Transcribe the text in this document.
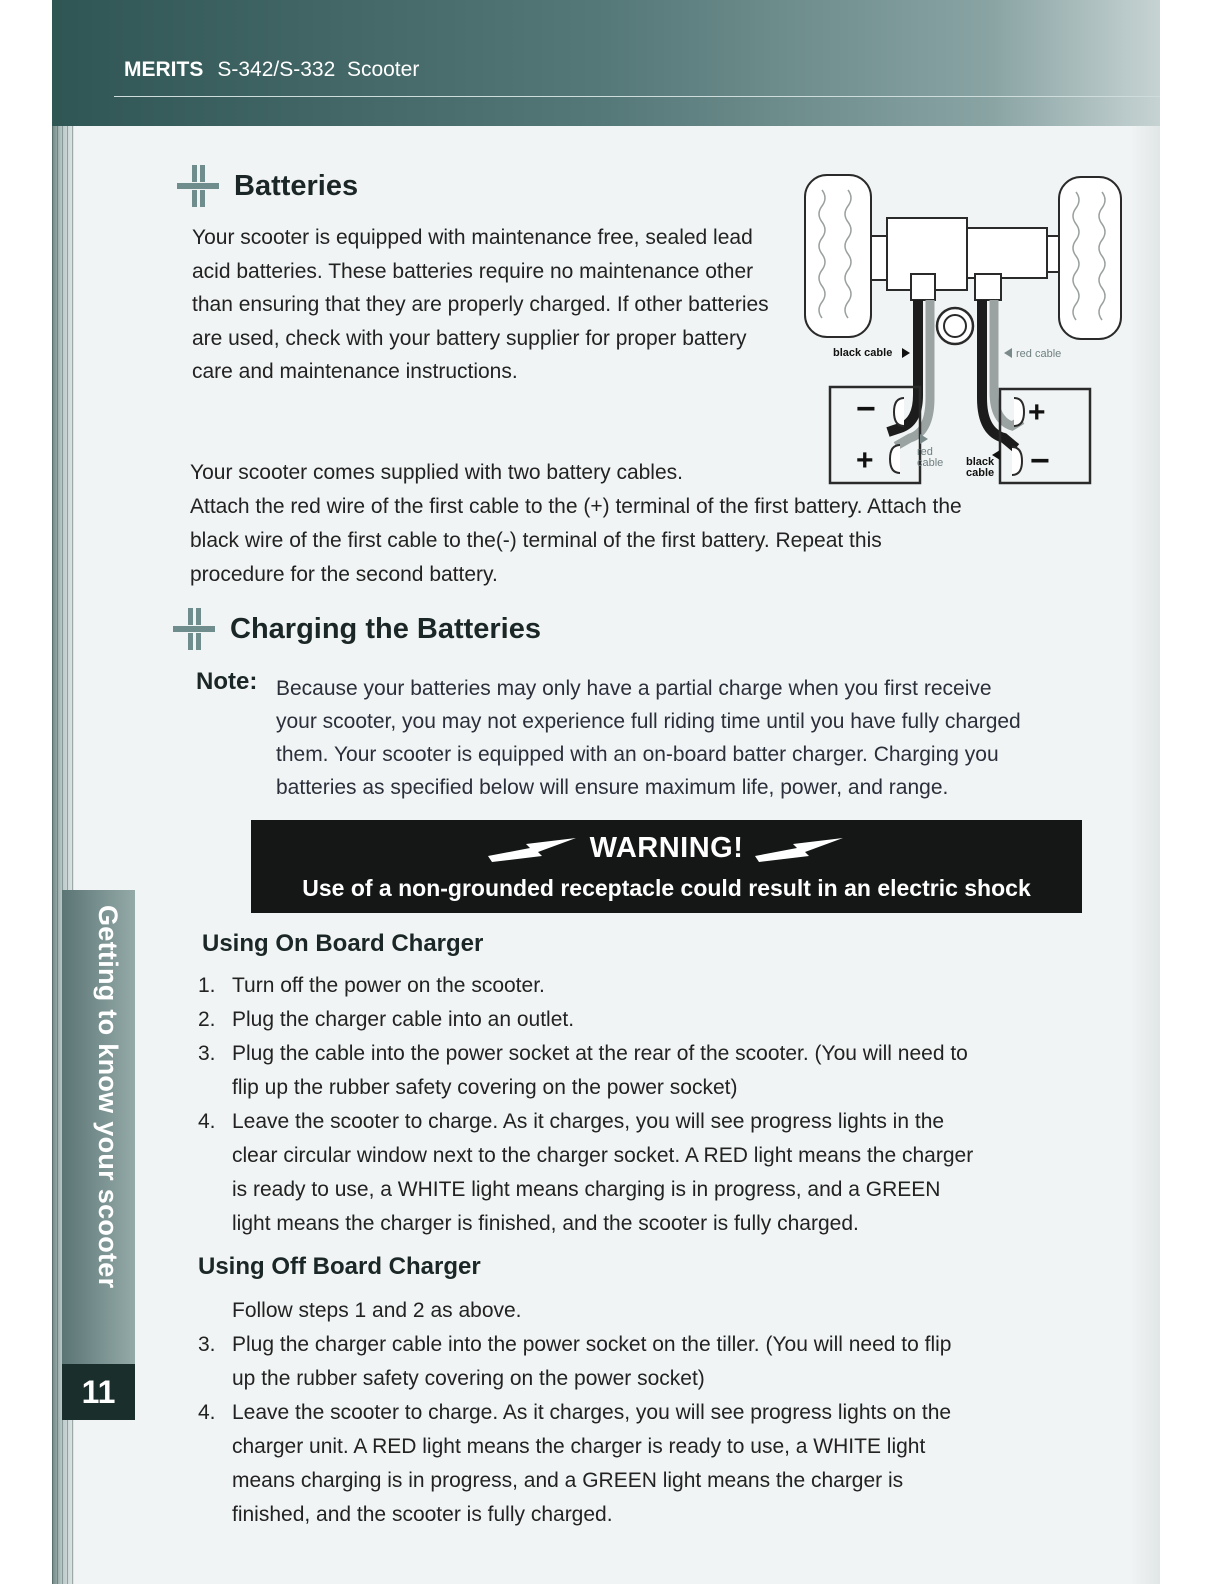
MERITS S-342/S-332 Scooter
Batteries

Your scooter is equipped with maintenance free, sealed lead acid batteries. These batteries require no maintenance other than ensuring that they are properly charged. If other batteries are used, check with your battery supplier for proper battery care and maintenance instructions.

Your scooter comes supplied with two battery cables.

Attach the red wire of the first cable to the (+) terminal of the first battery. Attach the

black wire of the first cable to the(-) terminal of the first battery. Repeat this

procedure for the second battery.

−
+
+
−
black cable	red cable
red
cable black
cable
Charging the Batteries
Note: Because your batteries may only have a partial charge when you first receive

your scooter, you may not experience full riding time until you have fully charged

them. Your scooter is equipped with an on-board batter charger. Charging you

batteries as specified below will ensure maximum life, power, and range.

WARNING!
Use of a non-grounded receptacle could result in an electric shock
Using On Board Charger
1. Turn off the power on the scooter.
2. Plug the charger cable into an outlet.
3. Plug the cable into the power socket at the rear of the scooter. (You will need to
flip up the rubber safety covering on the power socket)
4. Leave the scooter to charge. As it charges, you will see progress lights in the
clear circular window next to the charger socket. A RED light means the charger
is ready to use, a WHITE light means charging is in progress, and a GREEN
light means the charger is finished, and the scooter is fully charged.
Using Off Board Charger
Follow steps 1 and 2 as above.
3. Plug the charger cable into the power socket on the tiller. (You will need to flip
up the rubber safety covering on the power socket)
4. Leave the scooter to charge. As it charges, you will see progress lights on the
charger unit. A RED light means the charger is ready to use, a WHITE light
means charging is in progress, and a GREEN light means the charger is
finished, and the scooter is fully charged.
Getting to know your scooter
11
